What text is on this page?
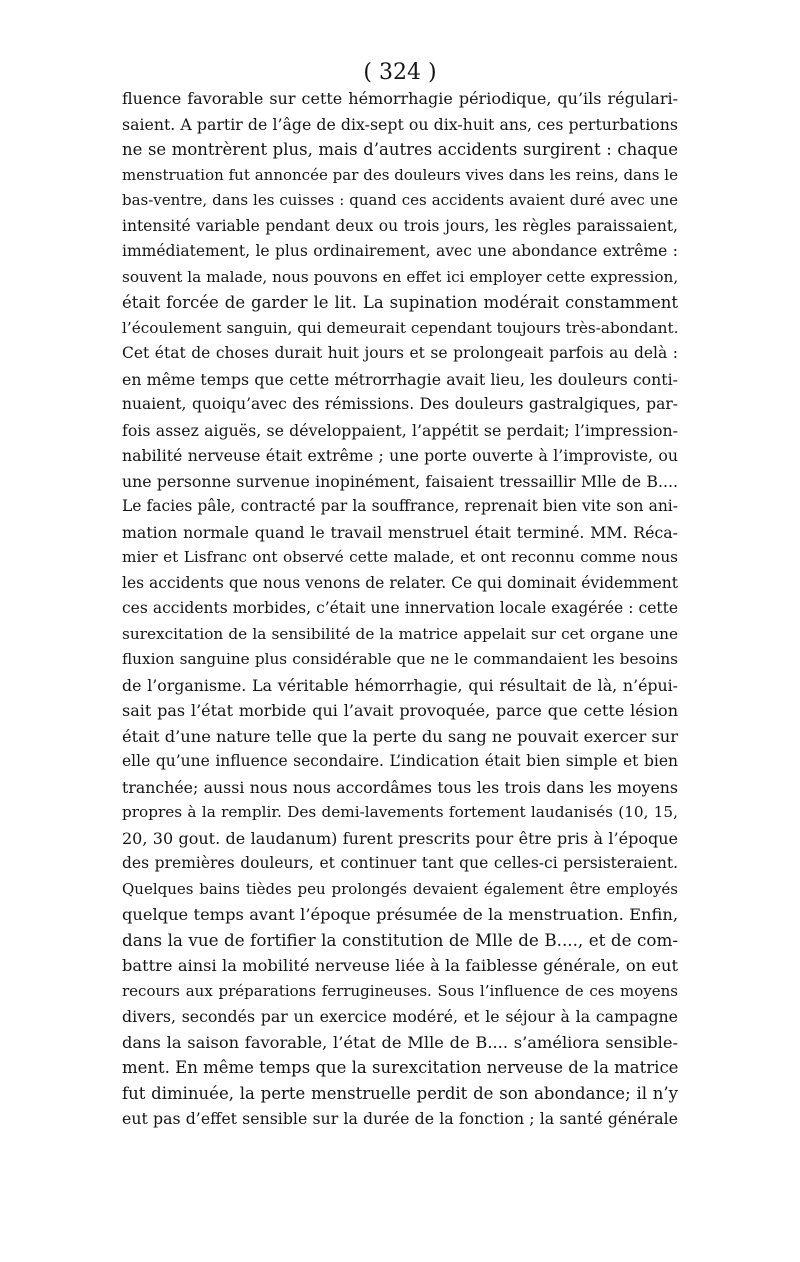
( 324 )
fluence favorable sur cette hémorrhagie périodique, qu’ils régulari-
saient. A partir de l’âge de dix-sept ou dix-huit ans, ces perturbations
ne se montrèrent plus, mais d’autres accidents surgirent : chaque
menstruation fut annoncée par des douleurs vives dans les reins, dans le
bas-ventre, dans les cuisses : quand ces accidents avaient duré avec une
intensité variable pendant deux ou trois jours, les règles paraissaient,
immédiatement, le plus ordinairement, avec une abondance extrême :
souvent la malade, nous pouvons en effet ici employer cette expression,
était forcée de garder le lit. La supination modérait constamment
l’écoulement sanguin, qui demeurait cependant toujours très-abondant.
Cet état de choses durait huit jours et se prolongeait parfois au delà :
en même temps que cette métrorrhagie avait lieu, les douleurs conti-
nuaient, quoiqu’avec des rémissions. Des douleurs gastralgiques, par-
fois assez aiguës, se développaient, l’appétit se perdait; l’impression-
nabilité nerveuse était extrême ; une porte ouverte à l’improviste, ou
une personne survenue inopinément, faisaient tressaillir Mlle de B....
Le facies pâle, contracté par la souffrance, reprenait bien vite son ani-
mation normale quand le travail menstruel était terminé. MM. Réca-
mier et Lisfranc ont observé cette malade, et ont reconnu comme nous
les accidents que nous venons de relater. Ce qui dominait évidemment
ces accidents morbides, c’était une innervation locale exagérée : cette
surexcitation de la sensibilité de la matrice appelait sur cet organe une
fluxion sanguine plus considérable que ne le commandaient les besoins
de l’organisme. La véritable hémorrhagie, qui résultait de là, n’épui-
sait pas l’état morbide qui l’avait provoquée, parce que cette lésion
était d’une nature telle que la perte du sang ne pouvait exercer sur
elle qu’une influence secondaire. L’indication était bien simple et bien
tranchée; aussi nous nous accordâmes tous les trois dans les moyens
propres à la remplir. Des demi-lavements fortement laudanisés (10, 15,
20, 30 gout. de laudanum) furent prescrits pour être pris à l’époque
des premières douleurs, et continuer tant que celles-ci persisteraient.
Quelques bains tièdes peu prolongés devaient également être employés
quelque temps avant l’époque présumée de la menstruation. Enfin,
dans la vue de fortifier la constitution de Mlle de B...., et de com-
battre ainsi la mobilité nerveuse liée à la faiblesse générale, on eut
recours aux préparations ferrugineuses. Sous l’influence de ces moyens
divers, secondés par un exercice modéré, et le séjour à la campagne
dans la saison favorable, l’état de Mlle de B.... s’améliora sensible-
ment. En même temps que la surexcitation nerveuse de la matrice
fut diminuée, la perte menstruelle perdit de son abondance; il n’y
eut pas d’effet sensible sur la durée de la fonction ; la santé générale
